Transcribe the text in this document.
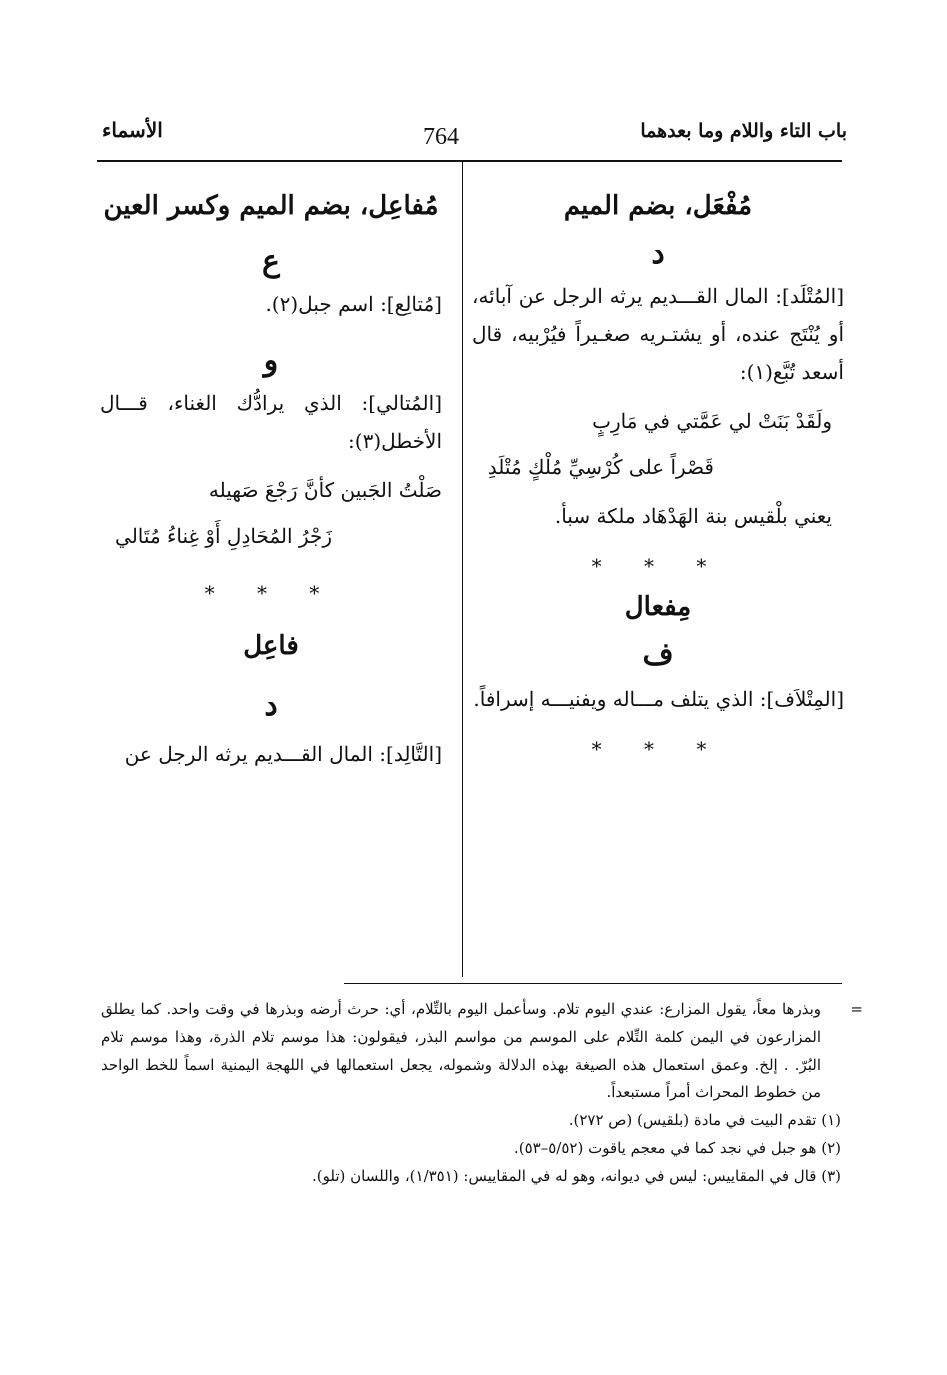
باب التاء واللام وما بعدهما
764
الأسماء
مُفْعَل، بضم الميم
د
[المُتْلَد]: المال القـــديم يرثه الرجل عن آبائه، أو يُنْتَج عنده، أو يشتـريه صغـيراً فيُرْبيه، قال أسعد تُبَّع(١):
ولَقَدْ بَنَتْ لي عَمَّتي في مَارِبٍ
قَصْراً على كُرْسِيِّ مُلْكٍ مُتْلَدِ
يعني بلْقيس بنة الهَدْهَاد ملكة سبأ.
* * *
مِفعال
ف
[المِتْلاَف]: الذي يتلف مـــاله ويفنيـــه إسرافاً.
* * *
مُفاعِل، بضم الميم وكسر العين
ع
[مُتالِع]: اسم جبل(٢).
و
[المُتالي]: الذي يرادُّك الغناء، قـــال الأخطل(٣):
صَلْتُ الجَبين كأنَّ رَجْعَ صَهيله
زَجْرُ المُحَادِلِ أَوْ غِناءُ مُتَالي
* * *
فاعِل
د
[التَّالِد]: المال القـــديم يرثه الرجل عن
=
وبذرها معاً، يقول المزارع: عندي اليوم تلام. وسأعمل اليوم بالتِّلام، أي: حرث أرضه وبذرها في وقت واحد. كما يطلق المزارعون في اليمن كلمة التِّلام على الموسم من مواسم البذر، فيقولون: هذا موسم تلام الذرة، وهذا موسم تلام البُرّ. . إلخ. وعمق استعمال هذه الصيغة بهذه الدلالة وشموله، يجعل استعمالها في اللهجة اليمنية اسماً للخط الواحد من خطوط المحراث أمراً مستبعداً.
(١) تقدم البيت في مادة (بلقيس) (ص ٢٧٢).
(٢) هو جبل في نجد كما في معجم ياقوت (٥/٥٢–٥٣).
(٣) قال في المقاييس: ليس في ديوانه، وهو له في المقاييس: (١/٣٥١)، واللسان (تلو).
